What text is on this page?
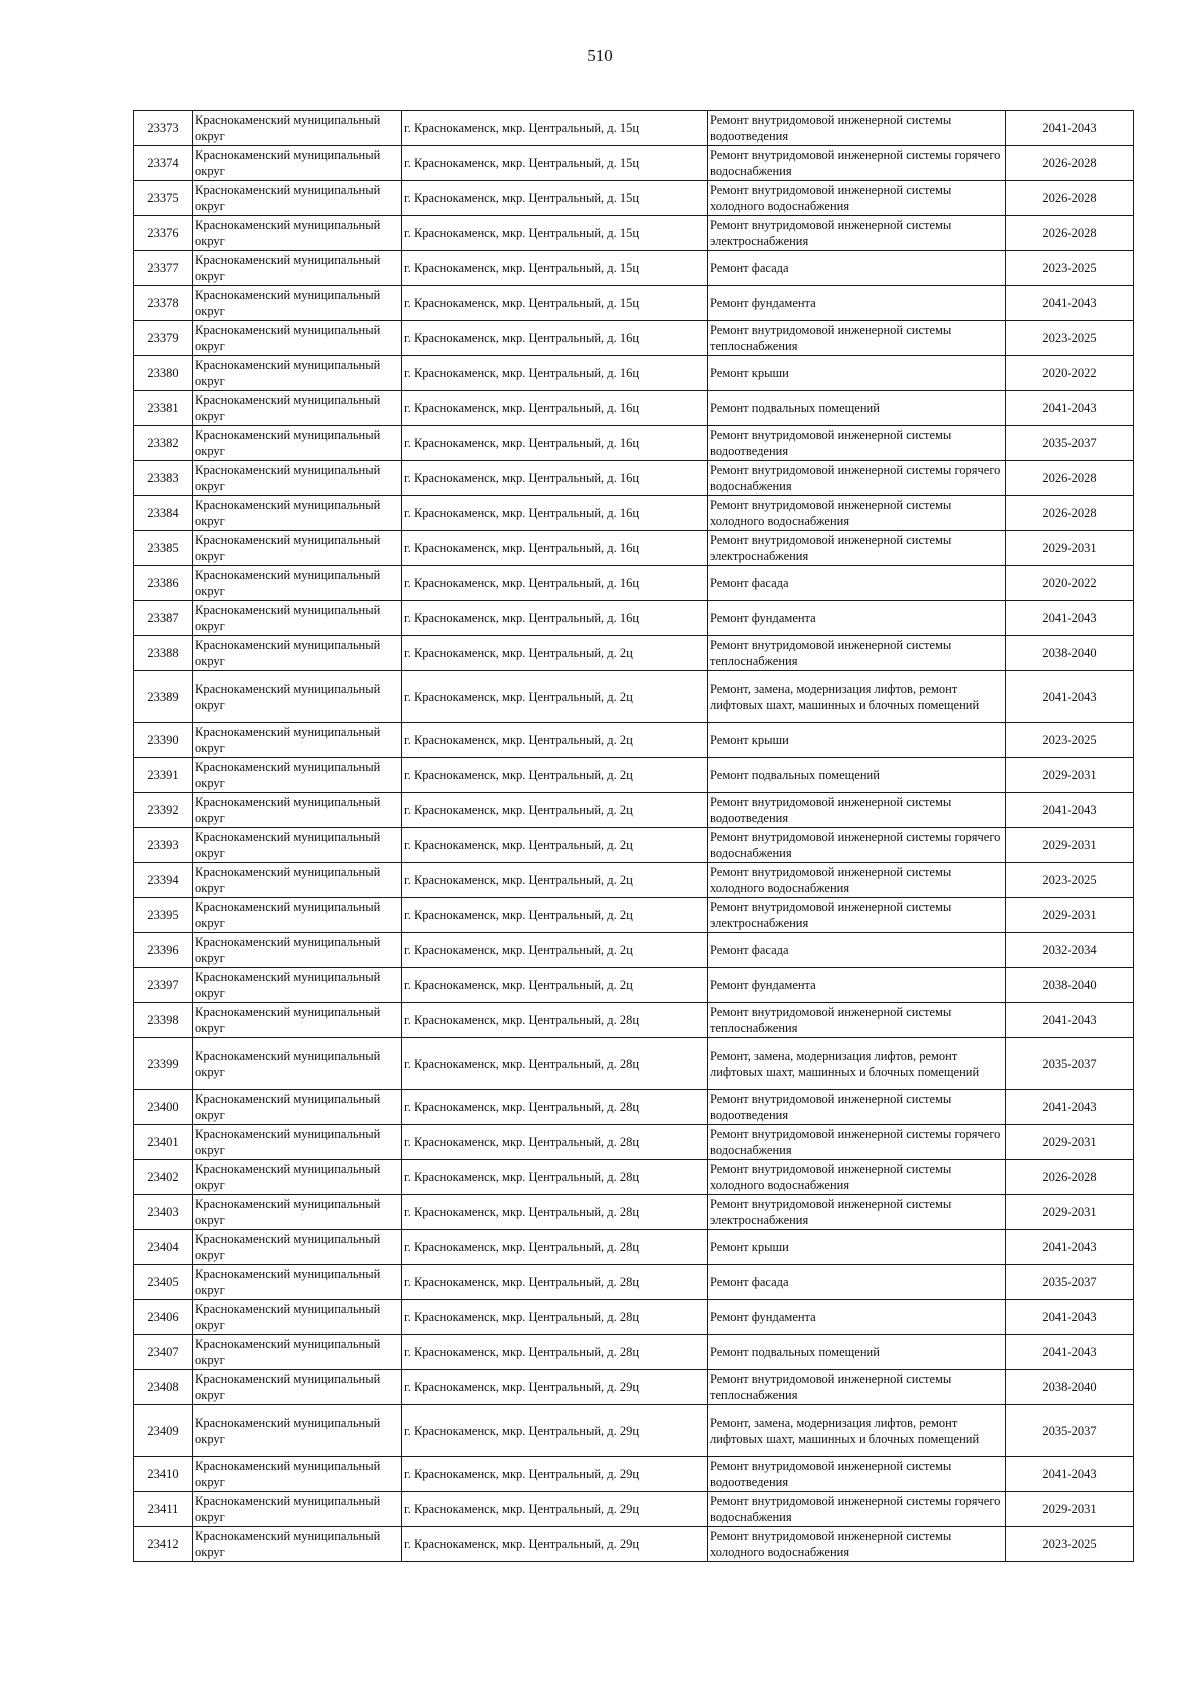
510
23373	Краснокаменский муниципальный округ	г. Краснокаменск, мкр. Центральный, д. 15ц	Ремонт внутридомовой инженерной системы водоотведения	2041-2043
23374	Краснокаменский муниципальный округ	г. Краснокаменск, мкр. Центральный, д. 15ц	Ремонт внутридомовой инженерной системы горячего водоснабжения	2026-2028
23375	Краснокаменский муниципальный округ	г. Краснокаменск, мкр. Центральный, д. 15ц	Ремонт внутридомовой инженерной системы холодного водоснабжения	2026-2028
23376	Краснокаменский муниципальный округ	г. Краснокаменск, мкр. Центральный, д. 15ц	Ремонт внутридомовой инженерной системы электроснабжения	2026-2028
23377	Краснокаменский муниципальный округ	г. Краснокаменск, мкр. Центральный, д. 15ц	Ремонт фасада	2023-2025
23378	Краснокаменский муниципальный округ	г. Краснокаменск, мкр. Центральный, д. 15ц	Ремонт фундамента	2041-2043
23379	Краснокаменский муниципальный округ	г. Краснокаменск, мкр. Центральный, д. 16ц	Ремонт внутридомовой инженерной системы теплоснабжения	2023-2025
23380	Краснокаменский муниципальный округ	г. Краснокаменск, мкр. Центральный, д. 16ц	Ремонт крыши	2020-2022
23381	Краснокаменский муниципальный округ	г. Краснокаменск, мкр. Центральный, д. 16ц	Ремонт подвальных помещений	2041-2043
23382	Краснокаменский муниципальный округ	г. Краснокаменск, мкр. Центральный, д. 16ц	Ремонт внутридомовой инженерной системы водоотведения	2035-2037
23383	Краснокаменский муниципальный округ	г. Краснокаменск, мкр. Центральный, д. 16ц	Ремонт внутридомовой инженерной системы горячего водоснабжения	2026-2028
23384	Краснокаменский муниципальный округ	г. Краснокаменск, мкр. Центральный, д. 16ц	Ремонт внутридомовой инженерной системы холодного водоснабжения	2026-2028
23385	Краснокаменский муниципальный округ	г. Краснокаменск, мкр. Центральный, д. 16ц	Ремонт внутридомовой инженерной системы электроснабжения	2029-2031
23386	Краснокаменский муниципальный округ	г. Краснокаменск, мкр. Центральный, д. 16ц	Ремонт фасада	2020-2022
23387	Краснокаменский муниципальный округ	г. Краснокаменск, мкр. Центральный, д. 16ц	Ремонт фундамента	2041-2043
23388	Краснокаменский муниципальный округ	г. Краснокаменск, мкр. Центральный, д. 2ц	Ремонт внутридомовой инженерной системы теплоснабжения	2038-2040
23389	Краснокаменский муниципальный округ	г. Краснокаменск, мкр. Центральный, д. 2ц	Ремонт, замена, модернизация лифтов, ремонт лифтовых шахт, машинных и блочных помещений	2041-2043
23390	Краснокаменский муниципальный округ	г. Краснокаменск, мкр. Центральный, д. 2ц	Ремонт крыши	2023-2025
23391	Краснокаменский муниципальный округ	г. Краснокаменск, мкр. Центральный, д. 2ц	Ремонт подвальных помещений	2029-2031
23392	Краснокаменский муниципальный округ	г. Краснокаменск, мкр. Центральный, д. 2ц	Ремонт внутридомовой инженерной системы водоотведения	2041-2043
23393	Краснокаменский муниципальный округ	г. Краснокаменск, мкр. Центральный, д. 2ц	Ремонт внутридомовой инженерной системы горячего водоснабжения	2029-2031
23394	Краснокаменский муниципальный округ	г. Краснокаменск, мкр. Центральный, д. 2ц	Ремонт внутридомовой инженерной системы холодного водоснабжения	2023-2025
23395	Краснокаменский муниципальный округ	г. Краснокаменск, мкр. Центральный, д. 2ц	Ремонт внутридомовой инженерной системы электроснабжения	2029-2031
23396	Краснокаменский муниципальный округ	г. Краснокаменск, мкр. Центральный, д. 2ц	Ремонт фасада	2032-2034
23397	Краснокаменский муниципальный округ	г. Краснокаменск, мкр. Центральный, д. 2ц	Ремонт фундамента	2038-2040
23398	Краснокаменский муниципальный округ	г. Краснокаменск, мкр. Центральный, д. 28ц	Ремонт внутридомовой инженерной системы теплоснабжения	2041-2043
23399	Краснокаменский муниципальный округ	г. Краснокаменск, мкр. Центральный, д. 28ц	Ремонт, замена, модернизация лифтов, ремонт лифтовых шахт, машинных и блочных помещений	2035-2037
23400	Краснокаменский муниципальный округ	г. Краснокаменск, мкр. Центральный, д. 28ц	Ремонт внутридомовой инженерной системы водоотведения	2041-2043
23401	Краснокаменский муниципальный округ	г. Краснокаменск, мкр. Центральный, д. 28ц	Ремонт внутридомовой инженерной системы горячего водоснабжения	2029-2031
23402	Краснокаменский муниципальный округ	г. Краснокаменск, мкр. Центральный, д. 28ц	Ремонт внутридомовой инженерной системы холодного водоснабжения	2026-2028
23403	Краснокаменский муниципальный округ	г. Краснокаменск, мкр. Центральный, д. 28ц	Ремонт внутридомовой инженерной системы электроснабжения	2029-2031
23404	Краснокаменский муниципальный округ	г. Краснокаменск, мкр. Центральный, д. 28ц	Ремонт крыши	2041-2043
23405	Краснокаменский муниципальный округ	г. Краснокаменск, мкр. Центральный, д. 28ц	Ремонт фасада	2035-2037
23406	Краснокаменский муниципальный округ	г. Краснокаменск, мкр. Центральный, д. 28ц	Ремонт фундамента	2041-2043
23407	Краснокаменский муниципальный округ	г. Краснокаменск, мкр. Центральный, д. 28ц	Ремонт подвальных помещений	2041-2043
23408	Краснокаменский муниципальный округ	г. Краснокаменск, мкр. Центральный, д. 29ц	Ремонт внутридомовой инженерной системы теплоснабжения	2038-2040
23409	Краснокаменский муниципальный округ	г. Краснокаменск, мкр. Центральный, д. 29ц	Ремонт, замена, модернизация лифтов, ремонт лифтовых шахт, машинных и блочных помещений	2035-2037
23410	Краснокаменский муниципальный округ	г. Краснокаменск, мкр. Центральный, д. 29ц	Ремонт внутридомовой инженерной системы водоотведения	2041-2043
23411	Краснокаменский муниципальный округ	г. Краснокаменск, мкр. Центральный, д. 29ц	Ремонт внутридомовой инженерной системы горячего водоснабжения	2029-2031
23412	Краснокаменский муниципальный округ	г. Краснокаменск, мкр. Центральный, д. 29ц	Ремонт внутридомовой инженерной системы холодного водоснабжения	2023-2025
